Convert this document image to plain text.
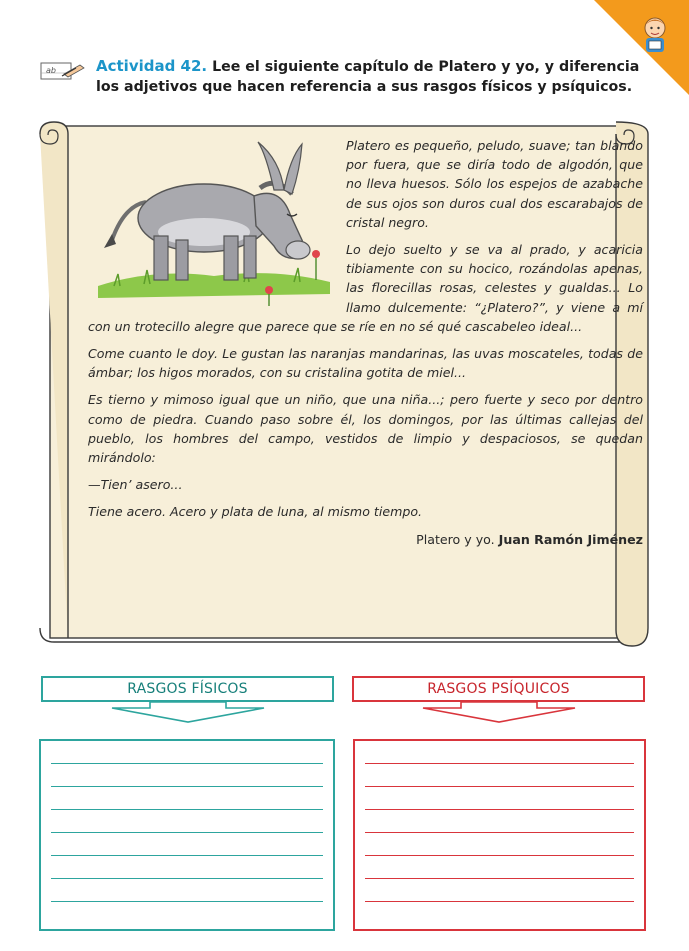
ab	Actividad 42. Lee el siguiente capítulo de Platero y yo, y diferencia los adjetivos que hacen referencia a sus rasgos físicos y psíquicos.

Platero es pequeño, peludo, suave; tan blando por fuera, que se diría todo de algodón, que no lleva huesos. Sólo los espejos de azabache de sus ojos son duros cual dos escarabajos de cristal negro.

Lo dejo suelto y se va al prado, y acaricia tibiamente con su hocico, rozándolas apenas, las florecillas rosas, celestes y gualdas... Lo llamo dulcemente: “¿Platero?”, y viene a mí con un trotecillo alegre que parece que se ríe en no sé qué cascabeleo ideal...

Come cuanto le doy. Le gustan las naranjas mandarinas, las uvas moscateles, todas de ámbar; los higos morados, con su cristalina gotita de miel...

Es tierno y mimoso igual que un niño, que una niña...; pero fuerte y seco por dentro como de piedra. Cuando paso sobre él, los domingos, por las últimas callejas del pueblo, los hombres del campo, vestidos de limpio y despaciosos, se quedan mirándolo:

—Tien’ asero...

Tiene acero. Acero y plata de luna, al mismo tiempo.

Platero y yo. Juan Ramón Jiménez
RASGOS FÍSICOS	RASGOS PSÍQUICOS
